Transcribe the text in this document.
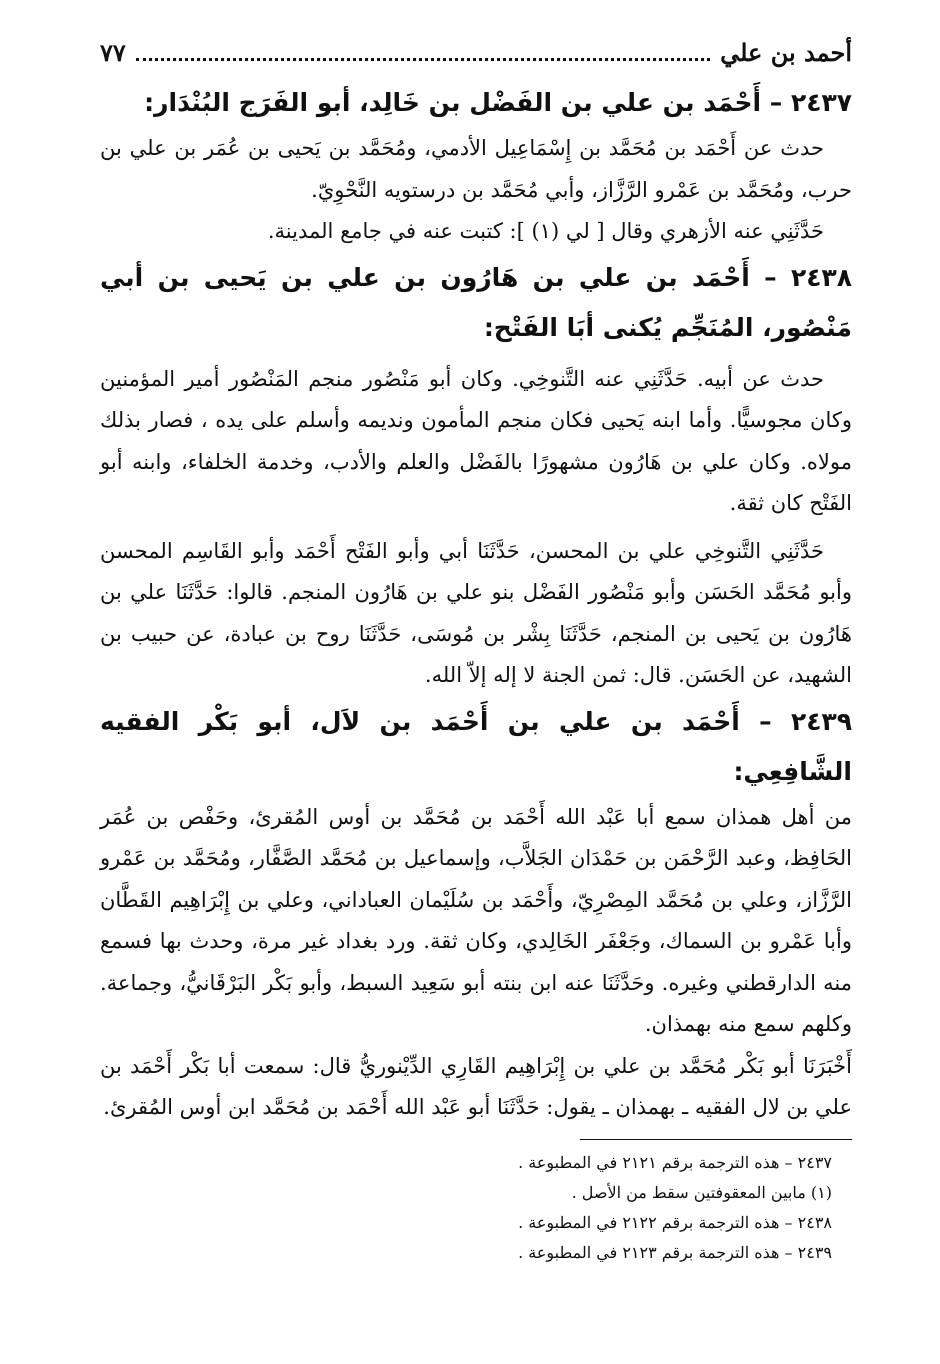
أحمد بن علي
٧٧
٢٤٣٧ – أَحْمَد بن علي بن الفَضْل بن خَالِد، أبو الفَرَج البُنْدَار:

حدث عن أَحْمَد بن مُحَمَّد بن إِسْمَاعِيل الأدمي، ومُحَمَّد بن يَحيى بن عُمَر بن علي بن حرب، ومُحَمَّد بن عَمْرو الرَّزَّاز، وأبي مُحَمَّد بن درستويه النَّحْوِيّ.

حَدَّثَنِي عنه الأزهري وقال [ لي (١) ]: كتبت عنه في جامع المدينة.

٢٤٣٨ – أَحْمَد بن علي بن هَارُون بن علي بن يَحيى بن أبي مَنْصُور، المُنَجِّم يُكنى أبَا الفَتْح:

حدث عن أبيه. حَدَّثَنِي عنه التَّنوخِي. وكان أبو مَنْصُور منجم المَنْصُور أمير المؤمنين وكان مجوسيًّا. وأما ابنه يَحيى فكان منجم المأمون ونديمه وأسلم على يده ، فصار بذلك مولاه. وكان علي بن هَارُون مشهورًا بالفَضْل والعلم والأدب، وخدمة الخلفاء، وابنه أبو الفَتْح كان ثقة.

حَدَّثَنِي التَّنوخِي علي بن المحسن، حَدَّثَنَا أبي وأبو الفَتْح أَحْمَد وأبو القَاسِم المحسن وأبو مُحَمَّد الحَسَن وأبو مَنْصُور الفَضْل بنو علي بن هَارُون المنجم. قالوا: حَدَّثَنَا علي بن هَارُون بن يَحيى بن المنجم، حَدَّثَنَا بِشْر بن مُوسَى، حَدَّثَنَا روح بن عبادة، عن حبيب بن الشهيد، عن الحَسَن. قال: ثمن الجنة لا إله إلاّ الله.

٢٤٣٩ – أَحْمَد بن علي بن أَحْمَد بن لاَل، أبو بَكْر الفقيه الشَّافِعِي:

من أهل همذان سمع أبا عَبْد الله أَحْمَد بن مُحَمَّد بن أوس المُقرئ، وحَفْص بن عُمَر الحَافِظ، وعبد الرَّحْمَن بن حَمْدَان الجَلاَّب، وإسماعيل بن مُحَمَّد الصَّفَّار، ومُحَمَّد بن عَمْرو الرَّزَّاز، وعلي بن مُحَمَّد المِصْرِيّ، وأَحْمَد بن سُلَيْمان العباداني، وعلي بن إِبْرَاهِيم القَطَّان وأبا عَمْرو بن السماك، وجَعْفَر الخَالِدي، وكان ثقة. ورد بغداد غير مرة، وحدث بها فسمع منه الدارقطني وغيره. وحَدَّثَنَا عنه ابن بنته أبو سَعِيد السبط، وأبو بَكْر البَرْقَانيُّ، وجماعة. وكلهم سمع منه بهمذان.

أَخْبَرَنَا أبو بَكْر مُحَمَّد بن علي بن إِبْرَاهِيم القَارِي الدِّيْنوريُّ قال: سمعت أبا بَكْر أَحْمَد بن علي بن لال الفقيه ـ بهمذان ـ يقول: حَدَّثَنَا أبو عَبْد الله أَحْمَد بن مُحَمَّد ابن أوس المُقرئ.

٢٤٣٧ – هذه الترجمة برقم ٢١٢١ في المطبوعة .
(١) مابين المعقوفتين سقط من الأصل .
٢٤٣٨ – هذه الترجمة برقم ٢١٢٢ في المطبوعة .
٢٤٣٩ – هذه الترجمة برقم ٢١٢٣ في المطبوعة .
